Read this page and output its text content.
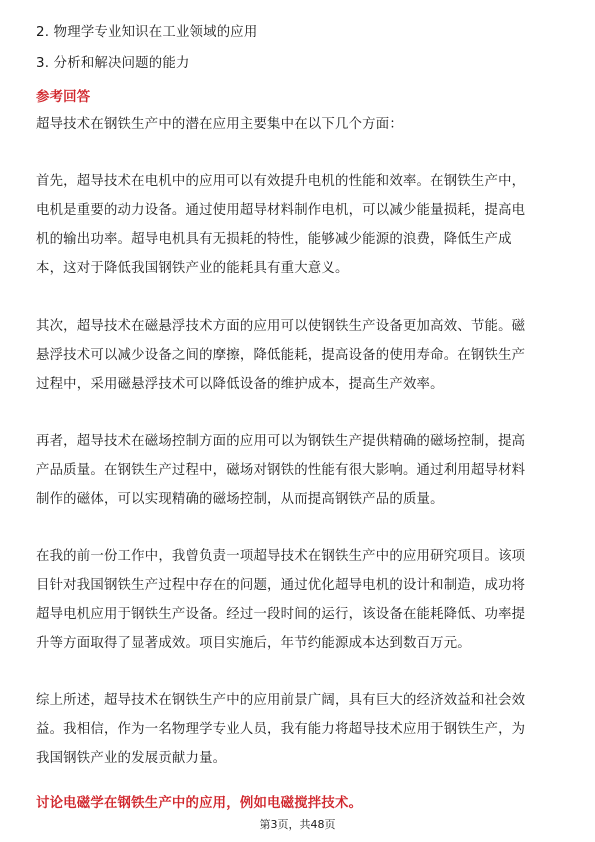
2. 物理学专业知识在工业领域的应用
3. 分析和解决问题的能力
参考回答
超导技术在钢铁生产中的潜在应用主要集中在以下几个方面：
首先，超导技术在电机中的应用可以有效提升电机的性能和效率。在钢铁生产中，
电机是重要的动力设备。通过使用超导材料制作电机，可以减少能量损耗，提高电
机的输出功率。超导电机具有无损耗的特性，能够减少能源的浪费，降低生产成
本，这对于降低我国钢铁产业的能耗具有重大意义。
其次，超导技术在磁悬浮技术方面的应用可以使钢铁生产设备更加高效、节能。磁
悬浮技术可以减少设备之间的摩擦，降低能耗，提高设备的使用寿命。在钢铁生产
过程中，采用磁悬浮技术可以降低设备的维护成本，提高生产效率。
再者，超导技术在磁场控制方面的应用可以为钢铁生产提供精确的磁场控制，提高
产品质量。在钢铁生产过程中，磁场对钢铁的性能有很大影响。通过利用超导材料
制作的磁体，可以实现精确的磁场控制，从而提高钢铁产品的质量。
在我的前一份工作中，我曾负责一项超导技术在钢铁生产中的应用研究项目。该项
目针对我国钢铁生产过程中存在的问题，通过优化超导电机的设计和制造，成功将
超导电机应用于钢铁生产设备。经过一段时间的运行，该设备在能耗降低、功率提
升等方面取得了显著成效。项目实施后，年节约能源成本达到数百万元。
综上所述，超导技术在钢铁生产中的应用前景广阔，具有巨大的经济效益和社会效
益。我相信，作为一名物理学专业人员，我有能力将超导技术应用于钢铁生产，为
我国钢铁产业的发展贡献力量。
讨论电磁学在钢铁生产中的应用，例如电磁搅拌技术。
第3页，共48页
